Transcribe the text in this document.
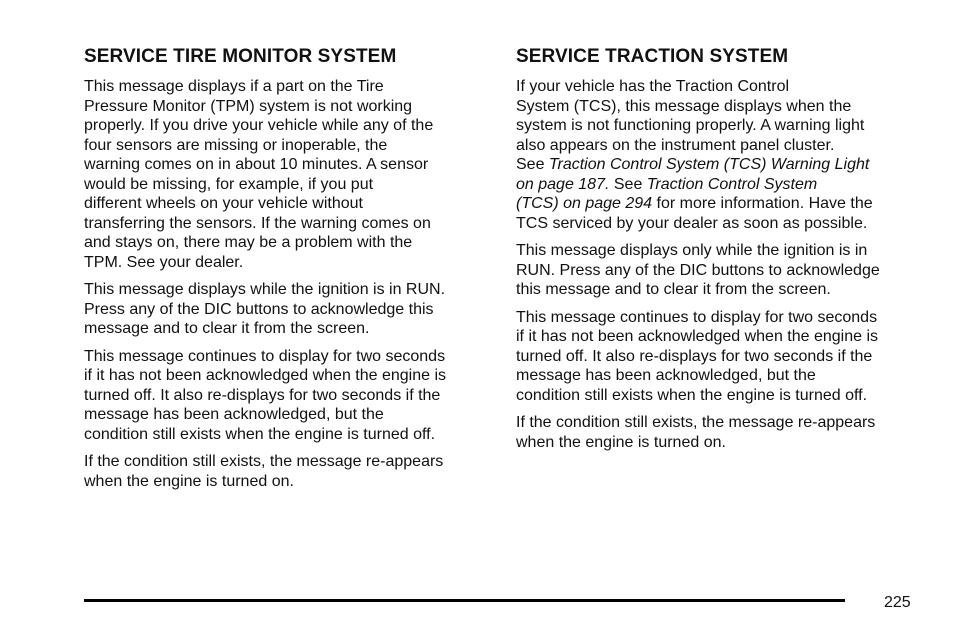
SERVICE TIRE MONITOR SYSTEM

This message displays if a part on the Tire
Pressure Monitor (TPM) system is not working
properly. If you drive your vehicle while any of the
four sensors are missing or inoperable, the
warning comes on in about 10 minutes. A sensor
would be missing, for example, if you put
different wheels on your vehicle without
transferring the sensors. If the warning comes on
and stays on, there may be a problem with the
TPM. See your dealer.

This message displays while the ignition is in RUN.
Press any of the DIC buttons to acknowledge this
message and to clear it from the screen.

This message continues to display for two seconds
if it has not been acknowledged when the engine is
turned off. It also re-displays for two seconds if the
message has been acknowledged, but the
condition still exists when the engine is turned off.

If the condition still exists, the message re-appears
when the engine is turned on.

SERVICE TRACTION SYSTEM

If your vehicle has the Traction Control
System (TCS), this message displays when the
system is not functioning properly. A warning light
also appears on the instrument panel cluster.
See Traction Control System (TCS) Warning Light
on page 187. See Traction Control System
(TCS) on page 294 for more information. Have the
TCS serviced by your dealer as soon as possible.

This message displays only while the ignition is in
RUN. Press any of the DIC buttons to acknowledge
this message and to clear it from the screen.

This message continues to display for two seconds
if it has not been acknowledged when the engine is
turned off. It also re-displays for two seconds if the
message has been acknowledged, but the
condition still exists when the engine is turned off.

If the condition still exists, the message re-appears
when the engine is turned on.

225
